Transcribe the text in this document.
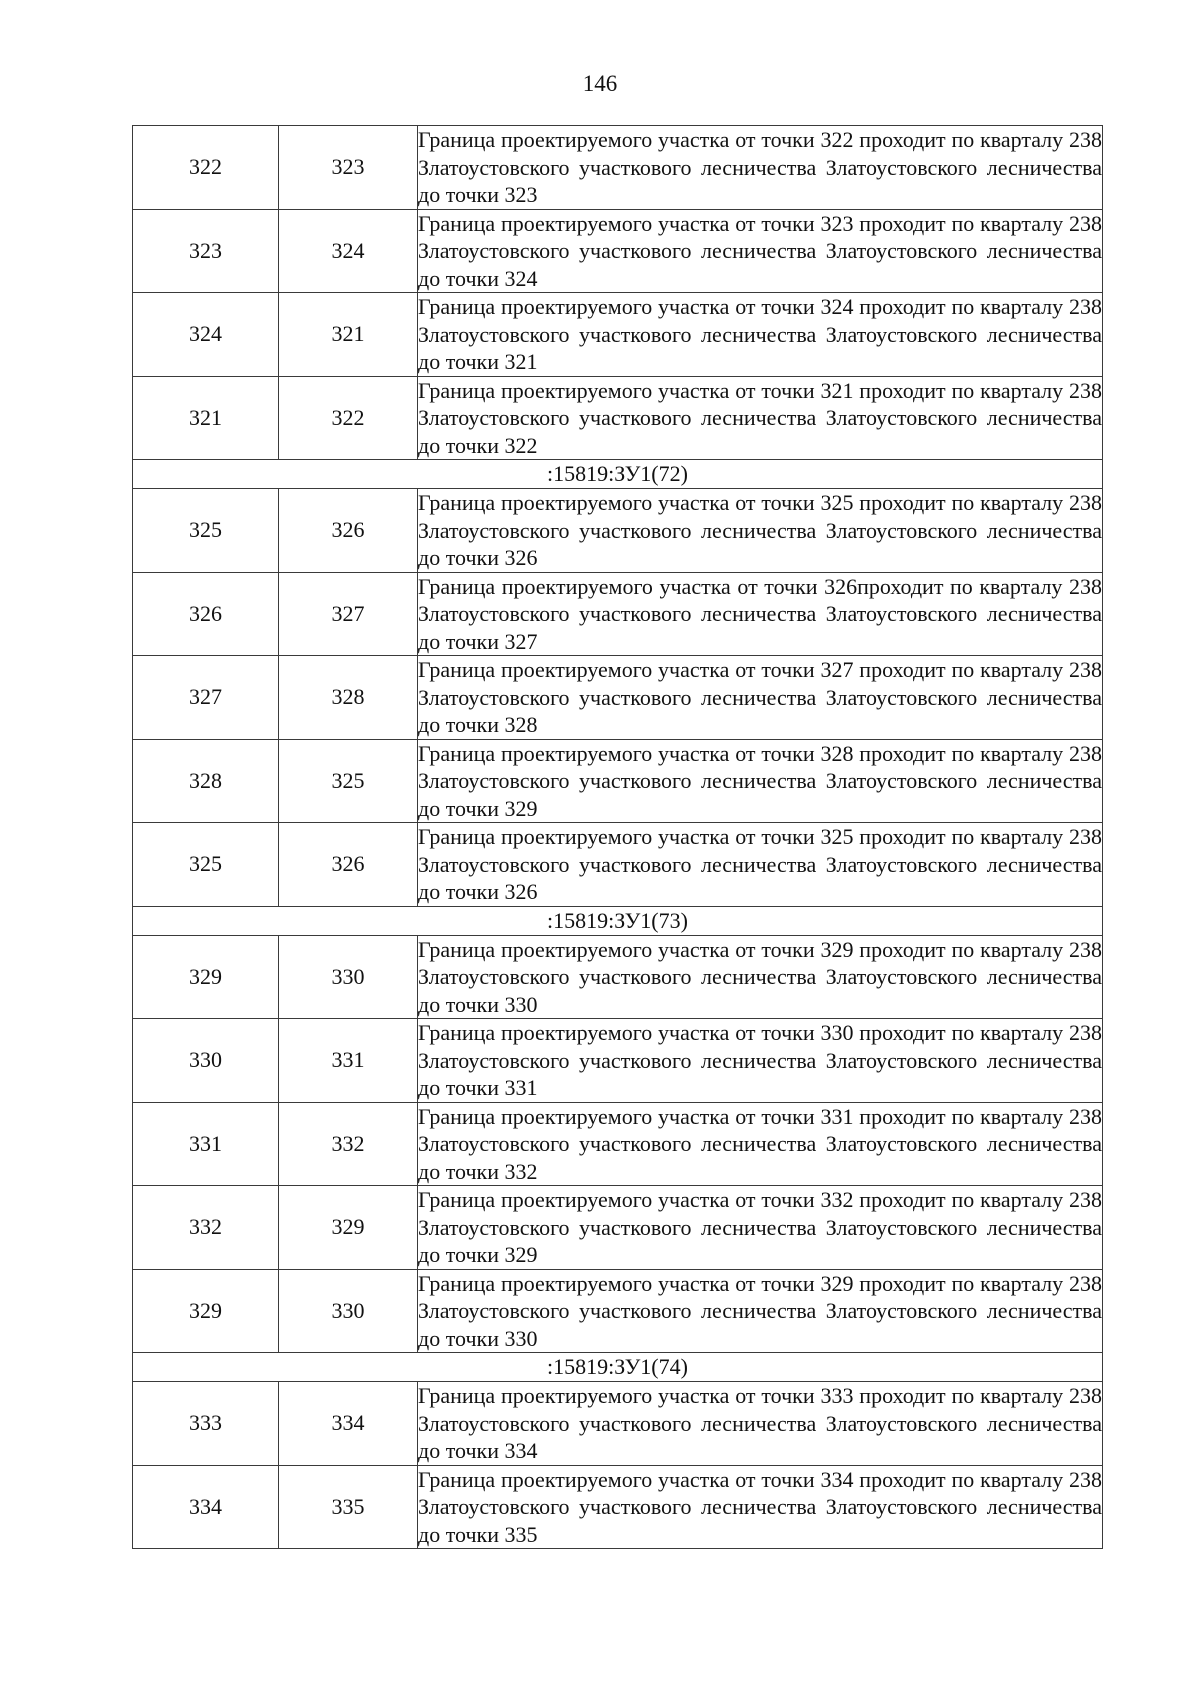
146
322	323	Граница проектируемого участка от точки 322 проходит по кварталу 238 Златоустовского участкового лесничества Златоустовского лесничества до точки 323
323	324	Граница проектируемого участка от точки 323 проходит по кварталу 238 Златоустовского участкового лесничества Златоустовского лесничества до точки 324
324	321	Граница проектируемого участка от точки 324 проходит по кварталу 238 Златоустовского участкового лесничества Златоустовского лесничества до точки 321
321	322	Граница проектируемого участка от точки 321 проходит по кварталу 238 Златоустовского участкового лесничества Златоустовского лесничества до точки 322
:15819:ЗУ1(72)		
325	326	Граница проектируемого участка от точки 325 проходит по кварталу 238 Златоустовского участкового лесничества Златоустовского лесничества до точки 326
326	327	Граница проектируемого участка от точки 326проходит по кварталу 238 Златоустовского участкового лесничества Златоустовского лесничества до точки 327
327	328	Граница проектируемого участка от точки 327 проходит по кварталу 238 Златоустовского участкового лесничества Златоустовского лесничества до точки 328
328	325	Граница проектируемого участка от точки 328 проходит по кварталу 238 Златоустовского участкового лесничества Златоустовского лесничества до точки 329
325	326	Граница проектируемого участка от точки 325 проходит по кварталу 238 Златоустовского участкового лесничества Златоустовского лесничества до точки 326
:15819:ЗУ1(73)		
329	330	Граница проектируемого участка от точки 329 проходит по кварталу 238 Златоустовского участкового лесничества Златоустовского лесничества до точки 330
330	331	Граница проектируемого участка от точки 330 проходит по кварталу 238 Златоустовского участкового лесничества Златоустовского лесничества до точки 331
331	332	Граница проектируемого участка от точки 331 проходит по кварталу 238 Златоустовского участкового лесничества Златоустовского лесничества до точки 332
332	329	Граница проектируемого участка от точки 332 проходит по кварталу 238 Златоустовского участкового лесничества Златоустовского лесничества до точки 329
329	330	Граница проектируемого участка от точки 329 проходит по кварталу 238 Златоустовского участкового лесничества Златоустовского лесничества до точки 330
:15819:ЗУ1(74)		
333	334	Граница проектируемого участка от точки 333 проходит по кварталу 238 Златоустовского участкового лесничества Златоустовского лесничества до точки 334
334	335	Граница проектируемого участка от точки 334 проходит по кварталу 238 Златоустовского участкового лесничества Златоустовского лесничества до точки 335
